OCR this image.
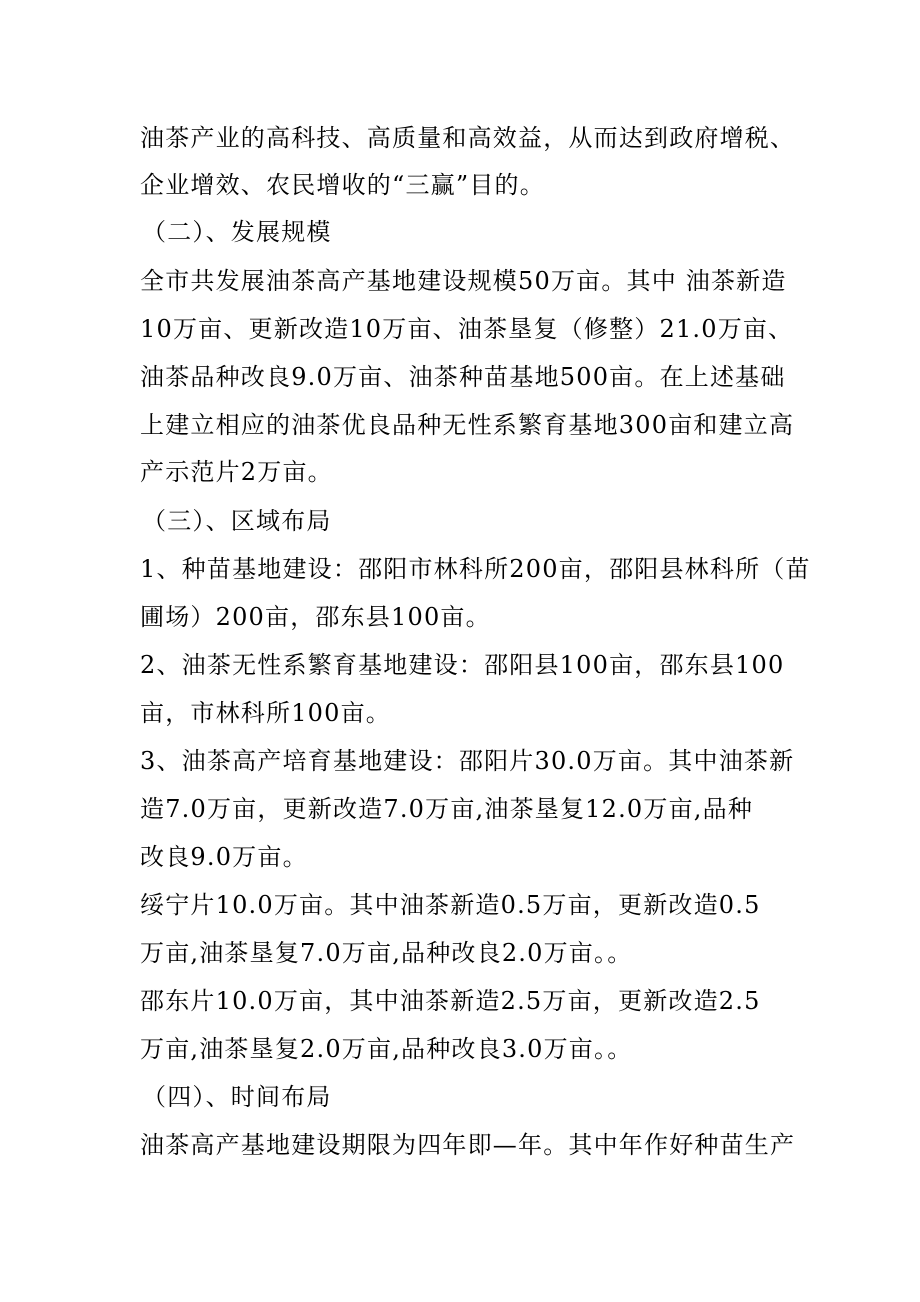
油茶产业的高科技、高质量和高效益，从而达到政府增税、
企业增效、农民增收的“三赢”目的。
（二）、发展规模
全市共发展油茶高产基地建设规模50万亩。其中 油茶新造
10万亩、更新改造10万亩、油茶垦复（修整）21.0万亩、
油茶品种改良9.0万亩、油茶种苗基地500亩。在上述基础
上建立相应的油茶优良品种无性系繁育基地300亩和建立高
产示范片2万亩。
（三）、区域布局
1、种苗基地建设：邵阳市林科所200亩，邵阳县林科所（苗
圃场）200亩，邵东县100亩。
2、油茶无性系繁育基地建设：邵阳县100亩，邵东县100
亩，市林科所100亩。
3、油茶高产培育基地建设：邵阳片30.0万亩。其中油茶新
造7.0万亩，更新改造7.0万亩,油茶垦复12.0万亩,品种
改良9.0万亩。
绥宁片10.0万亩。其中油茶新造0.5万亩，更新改造0.5
万亩,油茶垦复7.0万亩,品种改良2.0万亩。。
邵东片10.0万亩，其中油茶新造2.5万亩，更新改造2.5
万亩,油茶垦复2.0万亩,品种改良3.0万亩。。
（四）、时间布局
油茶高产基地建设期限为四年即—年。其中年作好种苗生产
